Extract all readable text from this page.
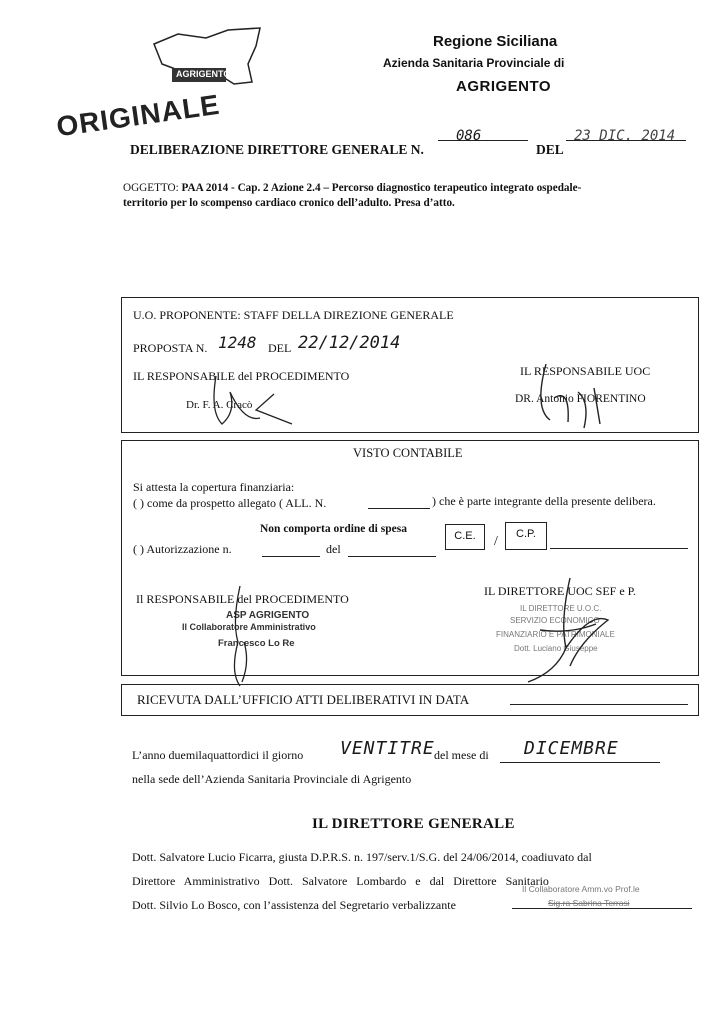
AGRIGENTO
Regione Siciliana
Azienda Sanitaria Provinciale di
AGRIGENTO
ORIGINALE
DELIBERAZIONE DIRETTORE GENERALE N.
086
DEL
23 DIC. 2014
OGGETTO: PAA 2014 - Cap. 2 Azione 2.4 – Percorso diagnostico terapeutico integrato ospedale-
territorio per lo scompenso cardiaco cronico dell’adulto. Presa d’atto.
U.O. PROPONENTE: STAFF DELLA DIREZIONE GENERALE
PROPOSTA N. 1248 DEL 22/12/2014
IL RESPONSABILE del PROCEDIMENTO
Dr. F. A. Cracò
IL RESPONSABILE UOC
DR. Antonio FIORENTINO
VISTO CONTABILE
Si attesta la copertura finanziaria:
( ) come da prospetto allegato ( ALL. N.	) che è parte integrante della presente delibera.
Non comporta ordine di spesa
C.E.	/	C.P.
( ) Autorizzazione n.	del
Il RESPONSABILE del PROCEDIMENTO
ASP AGRIGENTO
Il Collaboratore Amministrativo
Francesco Lo Re
IL DIRETTORE UOC SEF e P.
IL DIRETTORE U.O.C.
SERVIZIO ECONOMICO
FINANZIARIO E PATRIMONIALE
Dott. Luciano Giuseppe
RICEVUTA DALL’UFFICIO ATTI DELIBERATIVI IN DATA
L’anno duemilaquattordici il giorno VENTITRE del mese di DICEMBRE
nella sede dell’Azienda Sanitaria Provinciale di Agrigento
IL DIRETTORE GENERALE
Dott. Salvatore Lucio Ficarra, giusta D.P.R.S. n. 197/serv.1/S.G. del 24/06/2014, coadiuvato dal
Direttore   Amministrativo   Dott.   Salvatore   Lombardo   e   dal   Direttore   Sanitario
Dott. Silvio Lo Bosco, con l’assistenza del Segretario verbalizzante
Il Collaboratore Amm.vo Prof.le
Sig.ra Sabrina Terrasi
